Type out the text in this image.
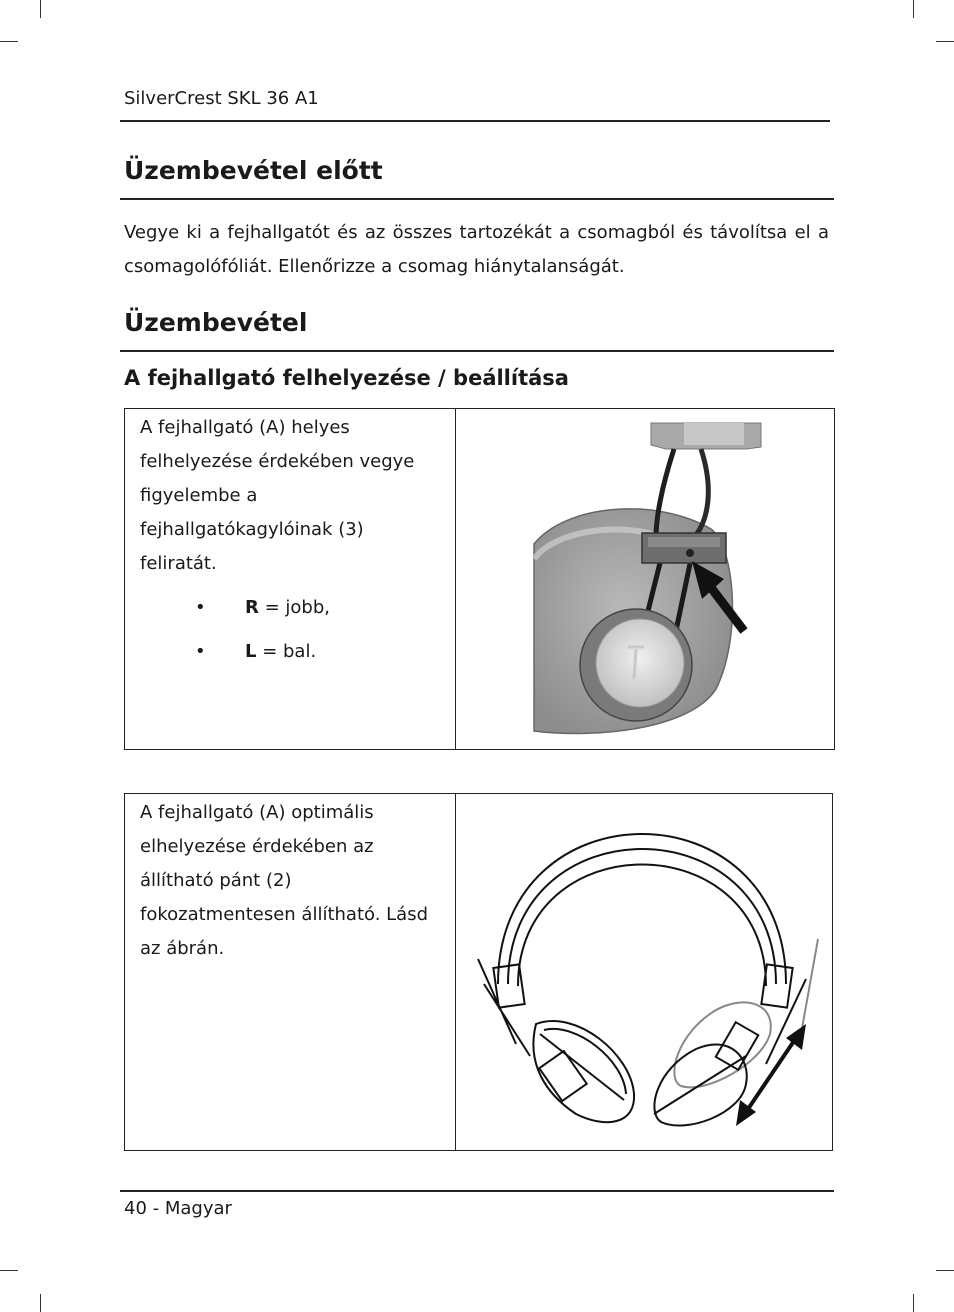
SilverCrest SKL 36 A1
Üzembevétel előtt
Vegye ki a fejhallgatót és az összes tartozékát a csomagból és távolítsa el a csomagolófóliát. Ellenőrizze a csomag hiánytalanságát.
Üzembevétel
A fejhallgató felhelyezése / beállítása
A fejhallgató (A) helyes felhelyezése érdekében vegye figyelembe a fejhallgatókagylóinak (3) feliratát.
•	R = jobb,
•	L = bal.

A fejhallgató (A) optimális elhelyezése érdekében az állítható pánt (2) fokozatmentesen állítható. Lásd az ábrán.

40 - Magyar
